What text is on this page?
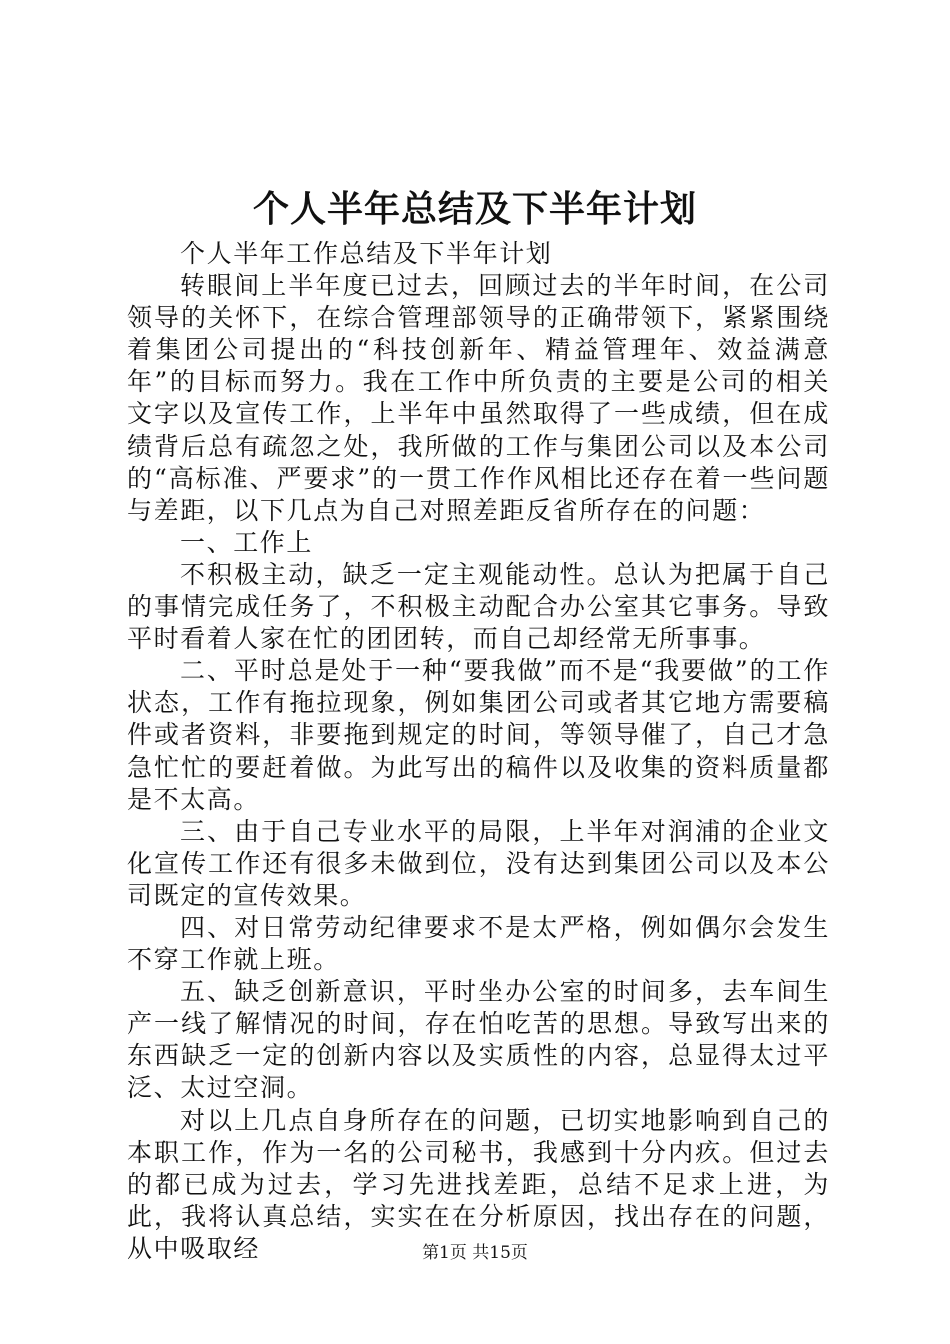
个人半年总结及下半年计划

个人半年工作总结及下半年计划

转眼间上半年度已过去，回顾过去的半年时间，在公司领导的关怀下，在综合管理部领导的正确带领下，紧紧围绕着集团公司提出的“科技创新年、精益管理年、效益满意年”的目标而努力。我在工作中所负责的主要是公司的相关文字以及宣传工作，上半年中虽然取得了一些成绩，但在成绩背后总有疏忽之处，我所做的工作与集团公司以及本公司的“高标准、严要求”的一贯工作作风相比还存在着一些问题与差距，以下几点为自己对照差距反省所存在的问题：

一、工作上

不积极主动，缺乏一定主观能动性。总认为把属于自己的事情完成任务了，不积极主动配合办公室其它事务。导致平时看着人家在忙的团团转，而自己却经常无所事事。

二、平时总是处于一种“要我做”而不是“我要做”的工作状态，工作有拖拉现象，例如集团公司或者其它地方需要稿件或者资料，非要拖到规定的时间，等领导催了，自己才急急忙忙的要赶着做。为此写出的稿件以及收集的资料质量都是不太高。

三、由于自己专业水平的局限，上半年对润浦的企业文化宣传工作还有很多未做到位，没有达到集团公司以及本公司既定的宣传效果。

四、对日常劳动纪律要求不是太严格，例如偶尔会发生不穿工作就上班。

五、缺乏创新意识，平时坐办公室的时间多，去车间生产一线了解情况的时间，存在怕吃苦的思想。导致写出来的东西缺乏一定的创新内容以及实质性的内容，总显得太过平泛、太过空洞。

对以上几点自身所存在的问题，已切实地影响到自己的本职工作，作为一名的公司秘书，我感到十分内疚。但过去的都已成为过去，学习先进找差距，总结不足求上进，为此，我将认真总结，实实在在分析原因，找出存在的问题，从中吸取经	第1页 共15页
